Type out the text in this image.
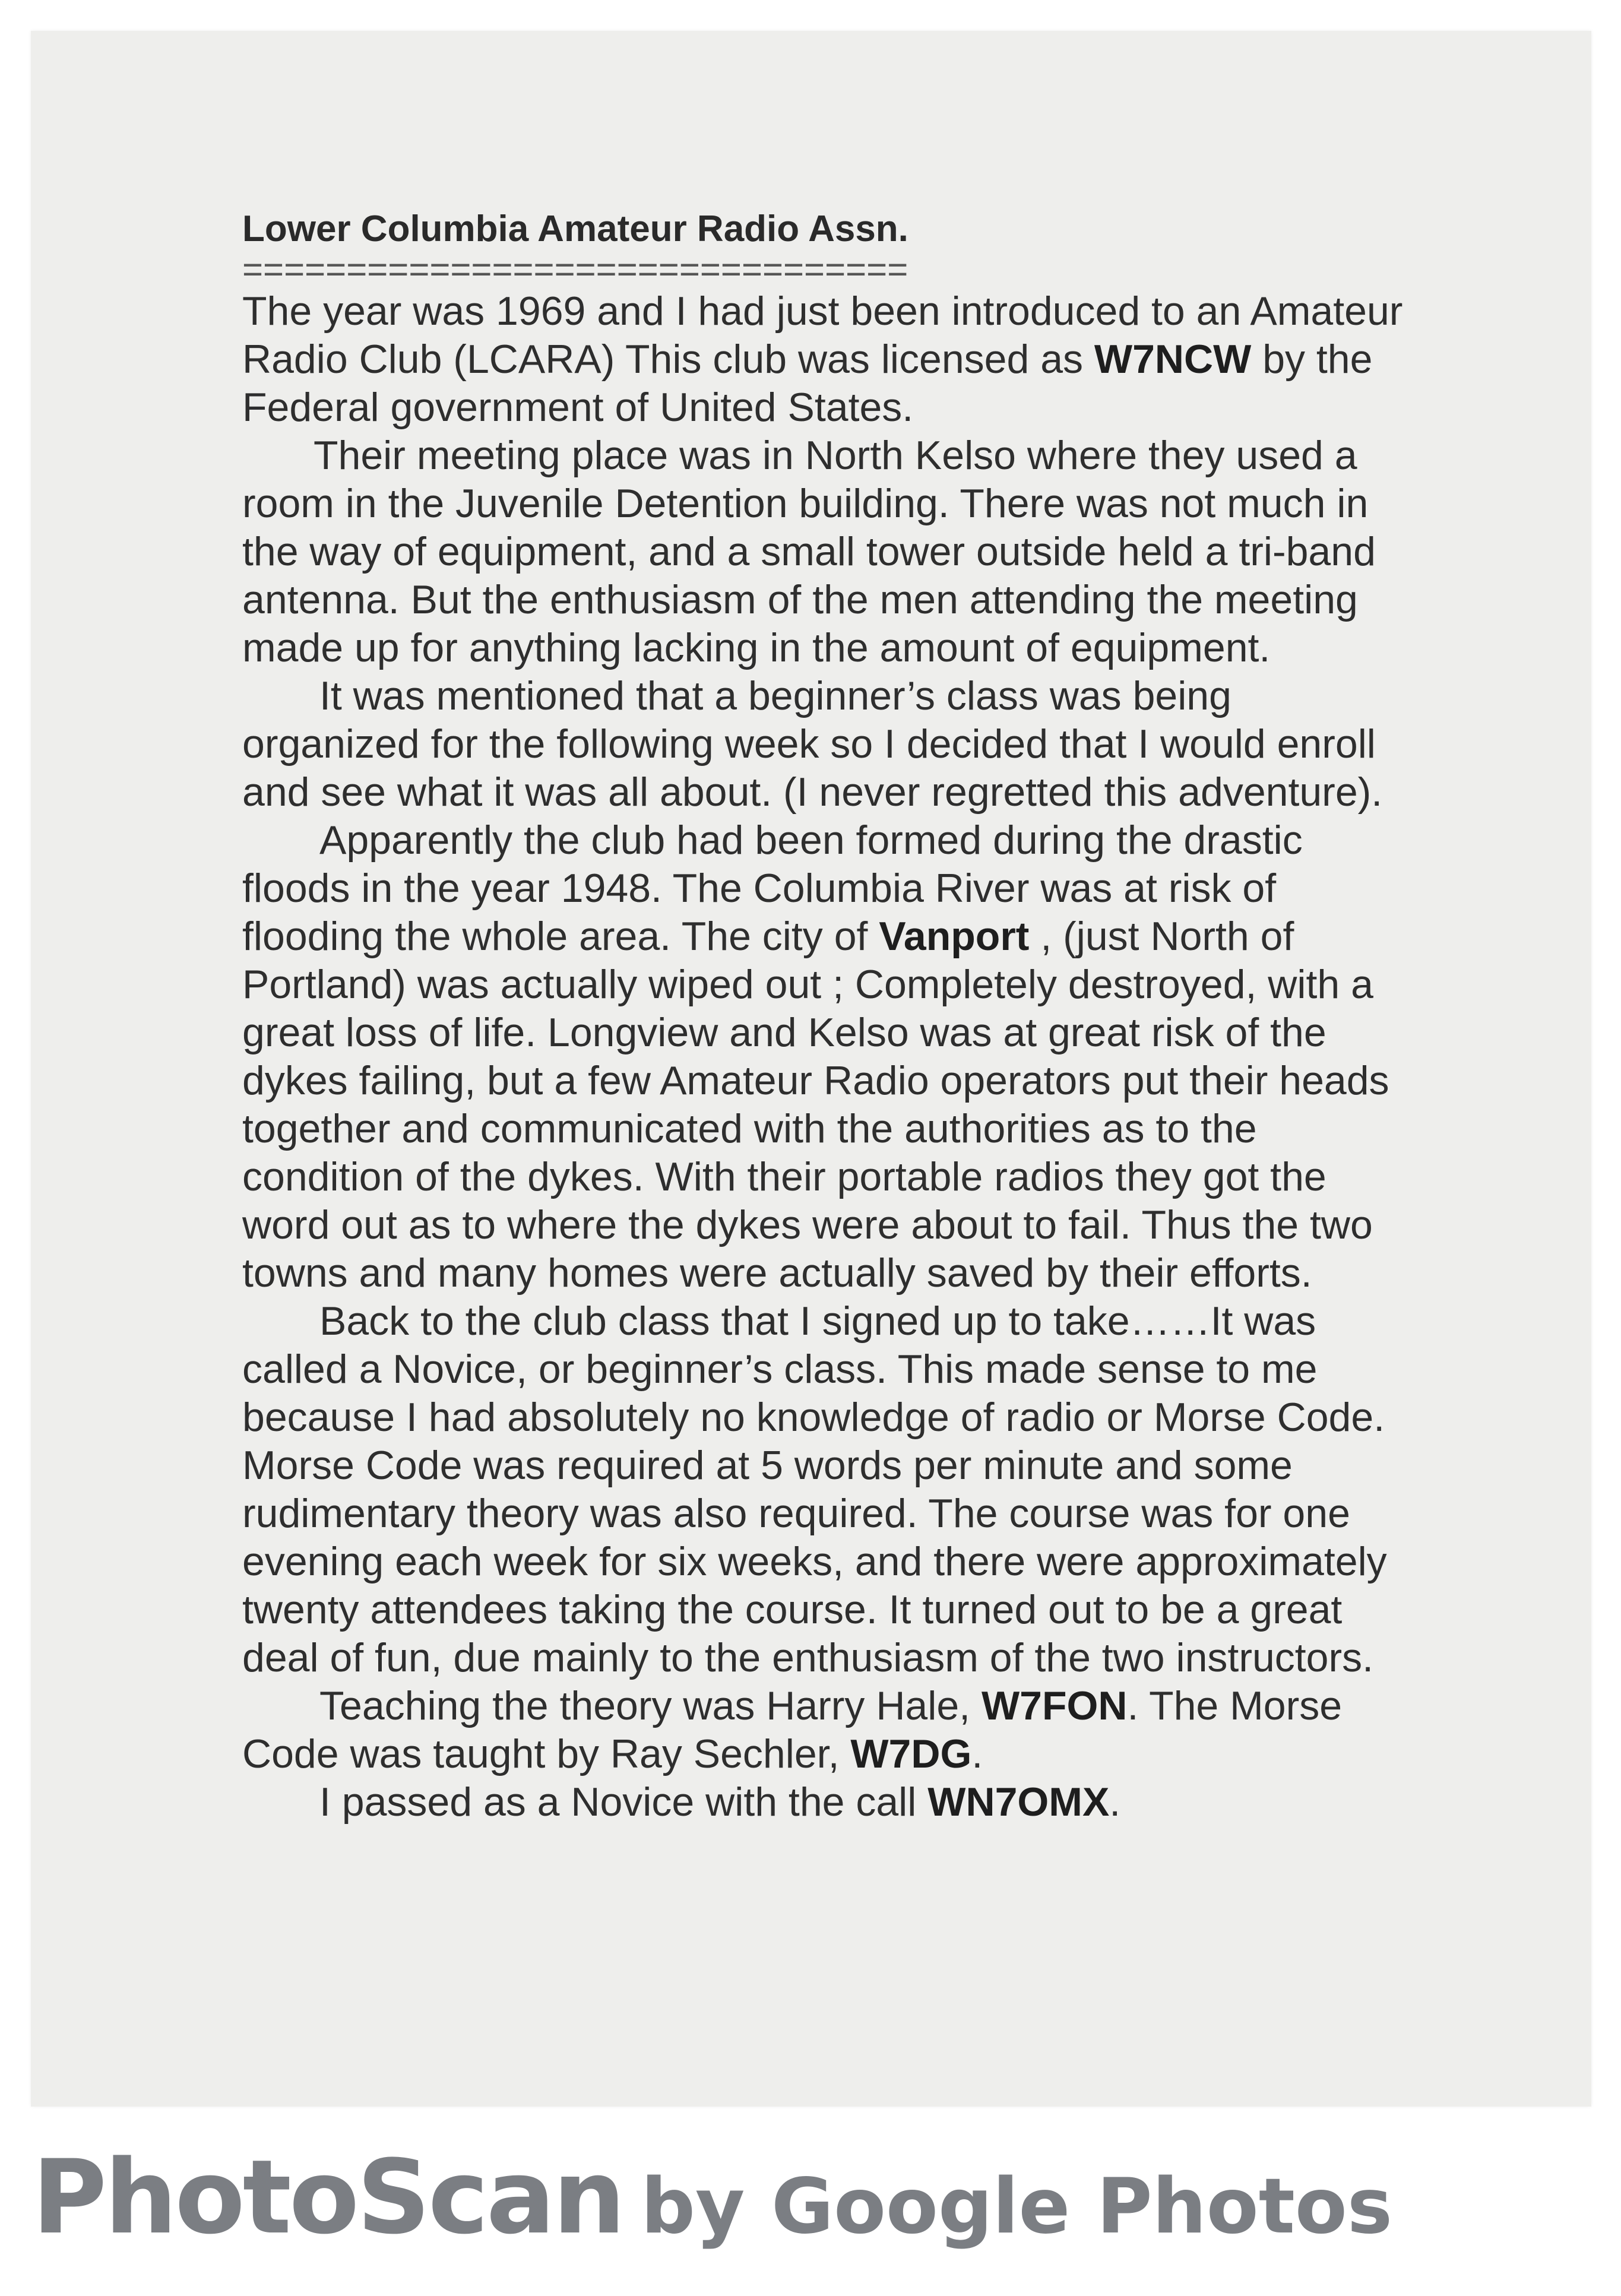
Lower Columbia Amateur Radio Assn.
================================
The year was 1969 and I had just been introduced to an Amateur
Radio Club (LCARA) This club was licensed as W7NCW by the
Federal government of United States.
Their meeting place was in North Kelso where they used a
room in the Juvenile Detention building. There was not much in
the way of equipment, and a small tower outside held a tri-band
antenna. But the enthusiasm of the men attending the meeting
made up for anything lacking in the amount of equipment.
It was mentioned that a beginner’s class was being
organized for the following week so I decided that I would enroll
and see what it was all about. (I never regretted this adventure).
Apparently the club had been formed during the drastic
floods in the year 1948. The Columbia River was at risk of
flooding the whole area. The city of Vanport , (just North of
Portland) was actually wiped out ; Completely destroyed, with a
great loss of life. Longview and Kelso was at great risk of the
dykes failing, but a few Amateur Radio operators put their heads
together and communicated with the authorities as to the
condition of the dykes. With their portable radios they got the
word out as to where the dykes were about to fail. Thus the two
towns and many homes were actually saved by their efforts.
Back to the club class that I signed up to take……It was
called a Novice, or beginner’s class. This made sense to me
because I had absolutely no knowledge of radio or Morse Code.
Morse Code was required at 5 words per minute and some
rudimentary theory was also required. The course was for one
evening each week for six weeks, and there were approximately
twenty attendees taking the course. It turned out to be a great
deal of fun, due mainly to the enthusiasm of the two instructors.
Teaching the theory was Harry Hale, W7FON. The Morse
Code was taught by Ray Sechler, W7DG.
I passed as a Novice with the call WN7OMX.
PhotoScan by Google Photos
